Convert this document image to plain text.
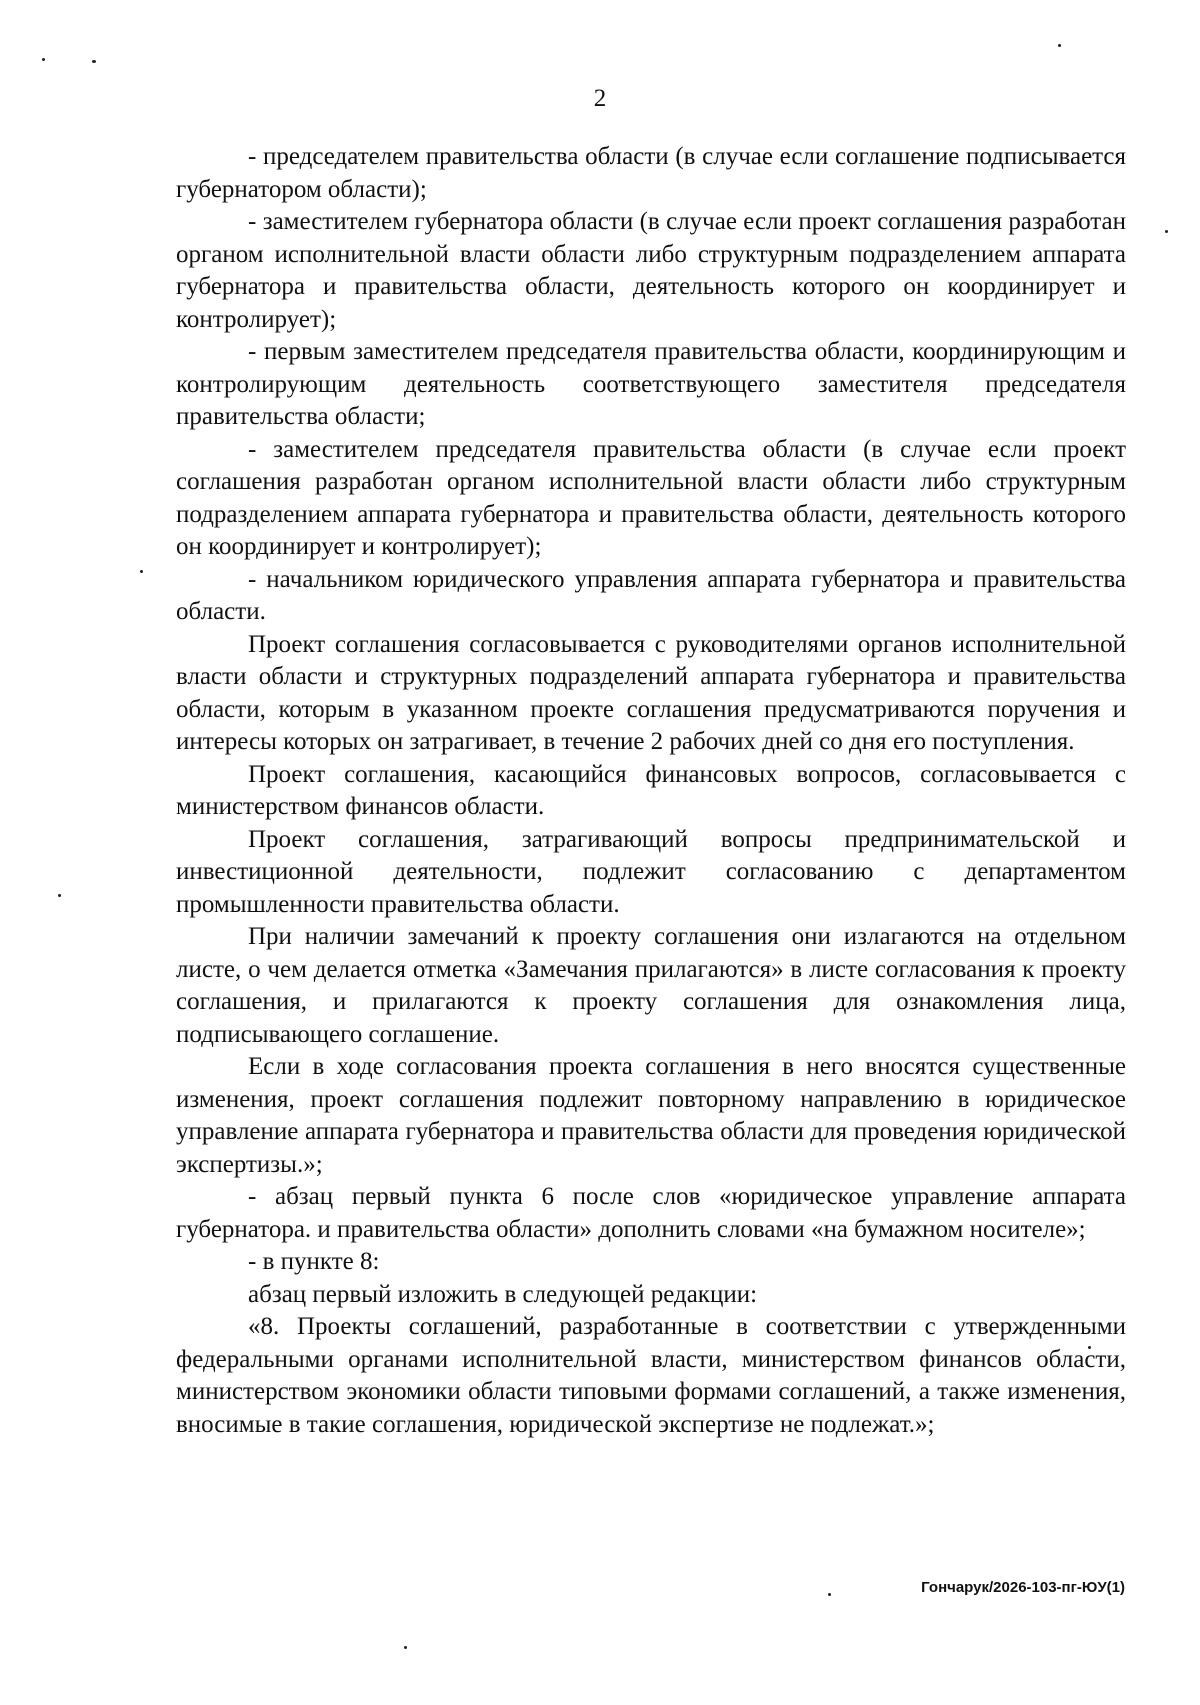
2

- председателем правительства области (в случае если соглашение подписывается губернатором области);

- заместителем губернатора области (в случае если проект соглашения разработан органом исполнительной власти области либо структурным подразделением аппарата губернатора и правительства области, деятельность которого он координирует и контролирует);

- первым заместителем председателя правительства области, координирующим и контролирующим деятельность соответствующего заместителя председателя правительства области;

- заместителем председателя правительства области (в случае если проект соглашения разработан органом исполнительной власти области либо структурным подразделением аппарата губернатора и правительства области, деятельность которого он координирует и контролирует);

- начальником юридического управления аппарата губернатора и правительства области.

Проект соглашения согласовывается с руководителями органов исполнительной власти области и структурных подразделений аппарата губернатора и правительства области, которым в указанном проекте соглашения предусматриваются поручения и интересы которых он затрагивает, в течение 2 рабочих дней со дня его поступления.

Проект соглашения, касающийся финансовых вопросов, согласовывается с министерством финансов области.

Проект соглашения, затрагивающий вопросы предпринимательской и инвестиционной деятельности, подлежит согласованию с департаментом промышленности правительства области.

При наличии замечаний к проекту соглашения они излагаются на отдельном листе, о чем делается отметка «Замечания прилагаются» в листе согласования к проекту соглашения, и прилагаются к проекту соглашения для ознакомления лица, подписывающего соглашение.

Если в ходе согласования проекта соглашения в него вносятся существенные изменения, проект соглашения подлежит повторному направлению в юридическое управление аппарата губернатора и правительства области для проведения юридической экспертизы.»;

- абзац первый пункта 6 после слов «юридическое управление аппарата губернатора. и правительства области» дополнить словами «на бумажном носителе»;

- в пункте 8:

абзац первый изложить в следующей редакции:

«8. Проекты соглашений, разработанные в соответствии с утвержденными федеральными органами исполнительной власти, министерством финансов области, министерством экономики области типовыми формами соглашений, а также изменения, вносимые в такие соглашения, юридической экспертизе не подлежат.»;

Гончарук/2026-103-пг-ЮУ(1)
